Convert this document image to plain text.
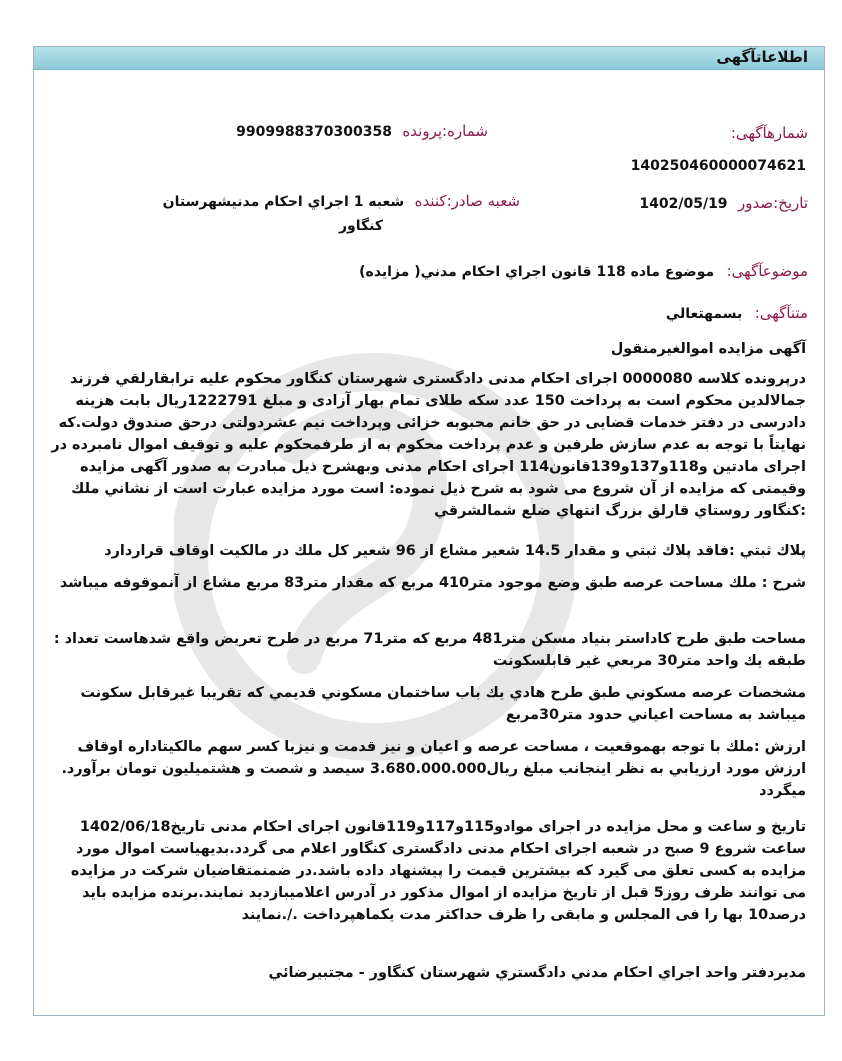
اطلاعاتآگهی
شمارهآگهی:
شماره:پرونده 9909988370300358
140250460000074621
تاریخ:صدور 1402/05/19
شعبه صادر:کننده شعبه 1 اجراي احكام مدنيشهرستان
كنگاور
موضوعآگهی: موضوع ماده 118 قانون اجراي احكام مدني( مزايده)
متنآگهی: بسمهتعالي
آگهی مزایده اموالغیرمنقول
درپرونده کلاسه 0000080 اجرای احکام مدنی دادگستری شهرستان کنگاور محکوم علیه ترابقارلقي فرزند جمالالدین محکوم است به پرداخت 150 عدد سکه طلای تمام بهار آزادی و مبلغ 1222791ريال بابت هزینه دادرسی در دفتر خدمات قضایی در حق خانم محبوبه خزائی وپرداخت نیم عشردولتی درحق صندوق دولت.که نهایتاً با توجه به عدم سازش طرفین و عدم پرداخت محکوم به از طرفمحکوم علیه و توقیف اموال نامبرده در اجرای مادتین و118و137و139قانون114 اجرای احکام مدنی وبهشرح ذیل مبادرت به صدور آگهی مزایده وقیمتی که مزایده از آن شروع می شود به شرح ذیل نموده: است مورد مزایده عبارت است از نشاني ملك :كنگاور روستاي قارلق بزرگ انتهاي ضلع شمالشرقي
پلاك ثبتي :فاقد پلاك ثبتي و مقدار 14.5 شعير مشاع از 96 شعير كل ملك در مالكيت اوقاف قراردارد
شرح : ملك مساحت عرصه طبق وضع موجود متر410 مربع كه مقدار متر83 مربع مشاع از آنموقوفه ميباشد
مساحت طبق طرح كاداستر بنياد مسكن متر481 مربع كه متر71 مربع در طرح تعريض واقع شدهاست تعداد : طبقه يك واحد متر30 مربعي غير قابلسكونت
مشخصات عرصه مسكوني طبق طرح هادي يك باب ساختمان مسكوني قديمي كه تقريبا غيرقابل سكونت ميباشد به مساحت اعياني حدود متر30مربع
ارزش :ملك با توجه بهموقعيت ، مساحت عرصه و اعيان و نيز قدمت و نيزبا كسر سهم مالكيتاداره اوقاف ارزش مورد ارزيابي به نظر اينجانب مبلغ ريال3.680.000.000 سيصد و شصت و هشتميليون تومان برآورد. ميگردد
تاریخ و ساعت و محل مزایده در اجرای موادو115و117و119قانون اجرای احکام مدنی تاریخ1402/06/18 ساعت شروع 9 صبح در شعبه اجرای احکام مدنی دادگستری کنگاور اعلام می گردد.بدیهیاست اموال مورد مزایده به کسی تعلق می گیرد که بیشترین قیمت را پیشنهاد داده باشد.در ضمنمتقاضیان شرکت در مزایده می توانند ظرف روز5 قبل از تاریخ مزایده از اموال مذکور در آدرس اعلامیبازدید نمایند.برنده مزایده باید درصد10 بها را فی المجلس و مابقی را ظرف حداکثر مدت یکماهپرداخت ./.نمایند
مديردفتر واحد اجراي احكام مدني دادگستري شهرستان كنگاور - مجتبيرضائي
